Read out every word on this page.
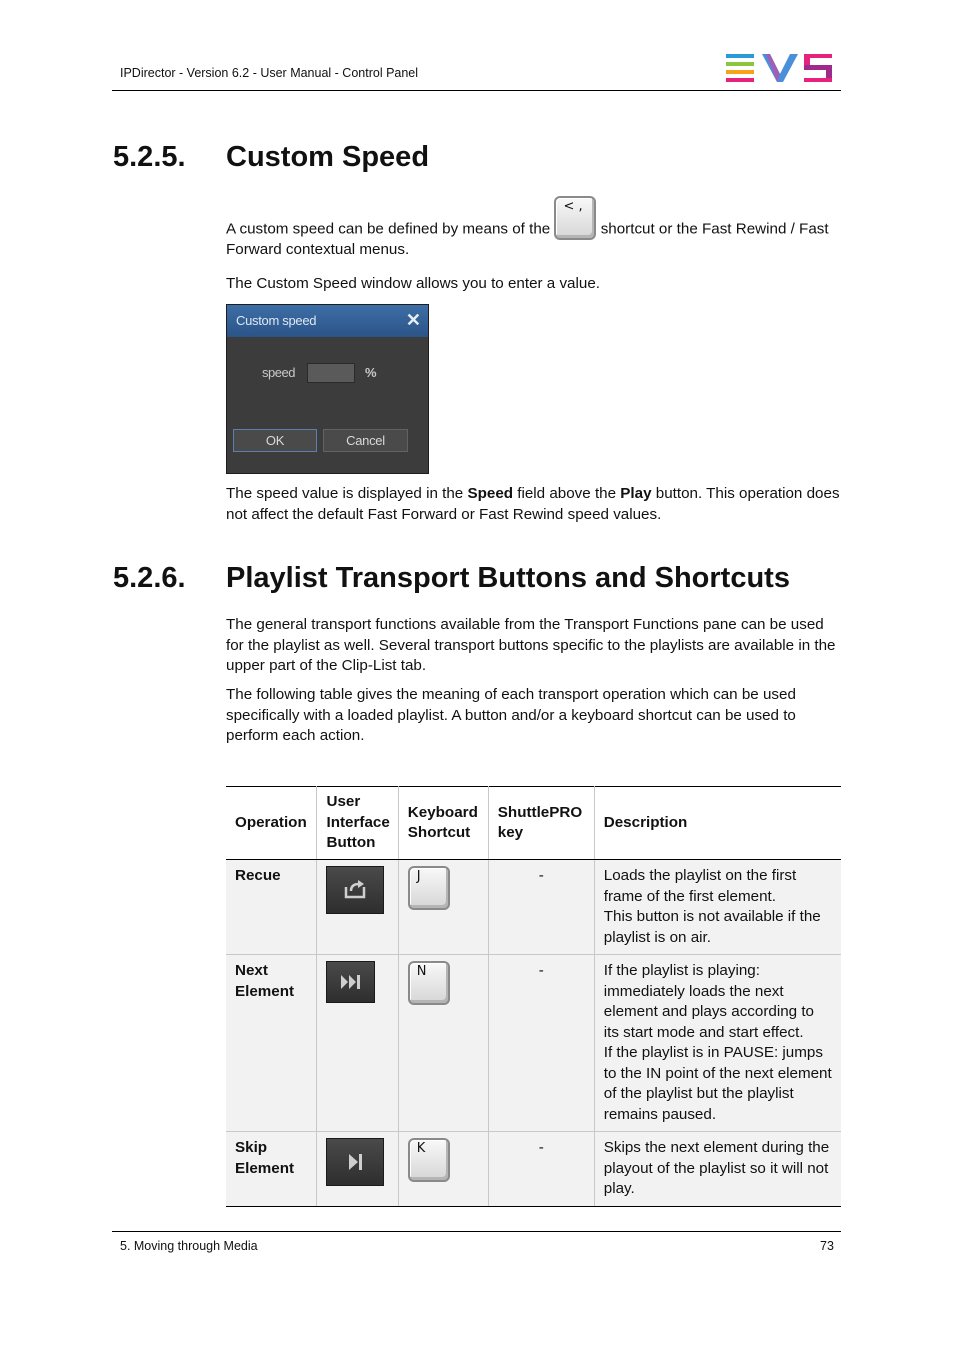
IPDirector - Version 6.2 - User Manual - Control Panel
5.2.5. Custom Speed
A custom speed can be defined by means of the
< ,
shortcut or the Fast Rewind / Fast Forward contextual menus.
The Custom Speed window allows you to enter a value.
Custom speed	✕
speed	%
OK	Cancel
The speed value is displayed in the Speed field above the Play button. This operation does not affect the default Fast Forward or Fast Rewind speed values.
5.2.6. Playlist Transport Buttons and Shortcuts
The general transport functions available from the Transport Functions pane can be used for the playlist as well. Several transport buttons specific to the playlists are available in the upper part of the Clip-List tab.
The following table gives the meaning of each transport operation which can be used specifically with a loaded playlist. A button and/or a keyboard shortcut can be used to perform each action.
Operation	User Interface Button	Keyboard Shortcut	ShuttlePRO key	Description
Recue		J	-	Loads the playlist on the first frame of the first element.
This button is not available if the playlist is on air.
Next Element		N	-	If the playlist is playing: immediately loads the next element and plays according to its start mode and start effect.
If the playlist is in PAUSE: jumps to the IN point of the next element of the playlist but the playlist remains paused.
Skip Element		K	-	Skips the next element during the playout of the playlist so it will not play.
5. Moving through Media	73
